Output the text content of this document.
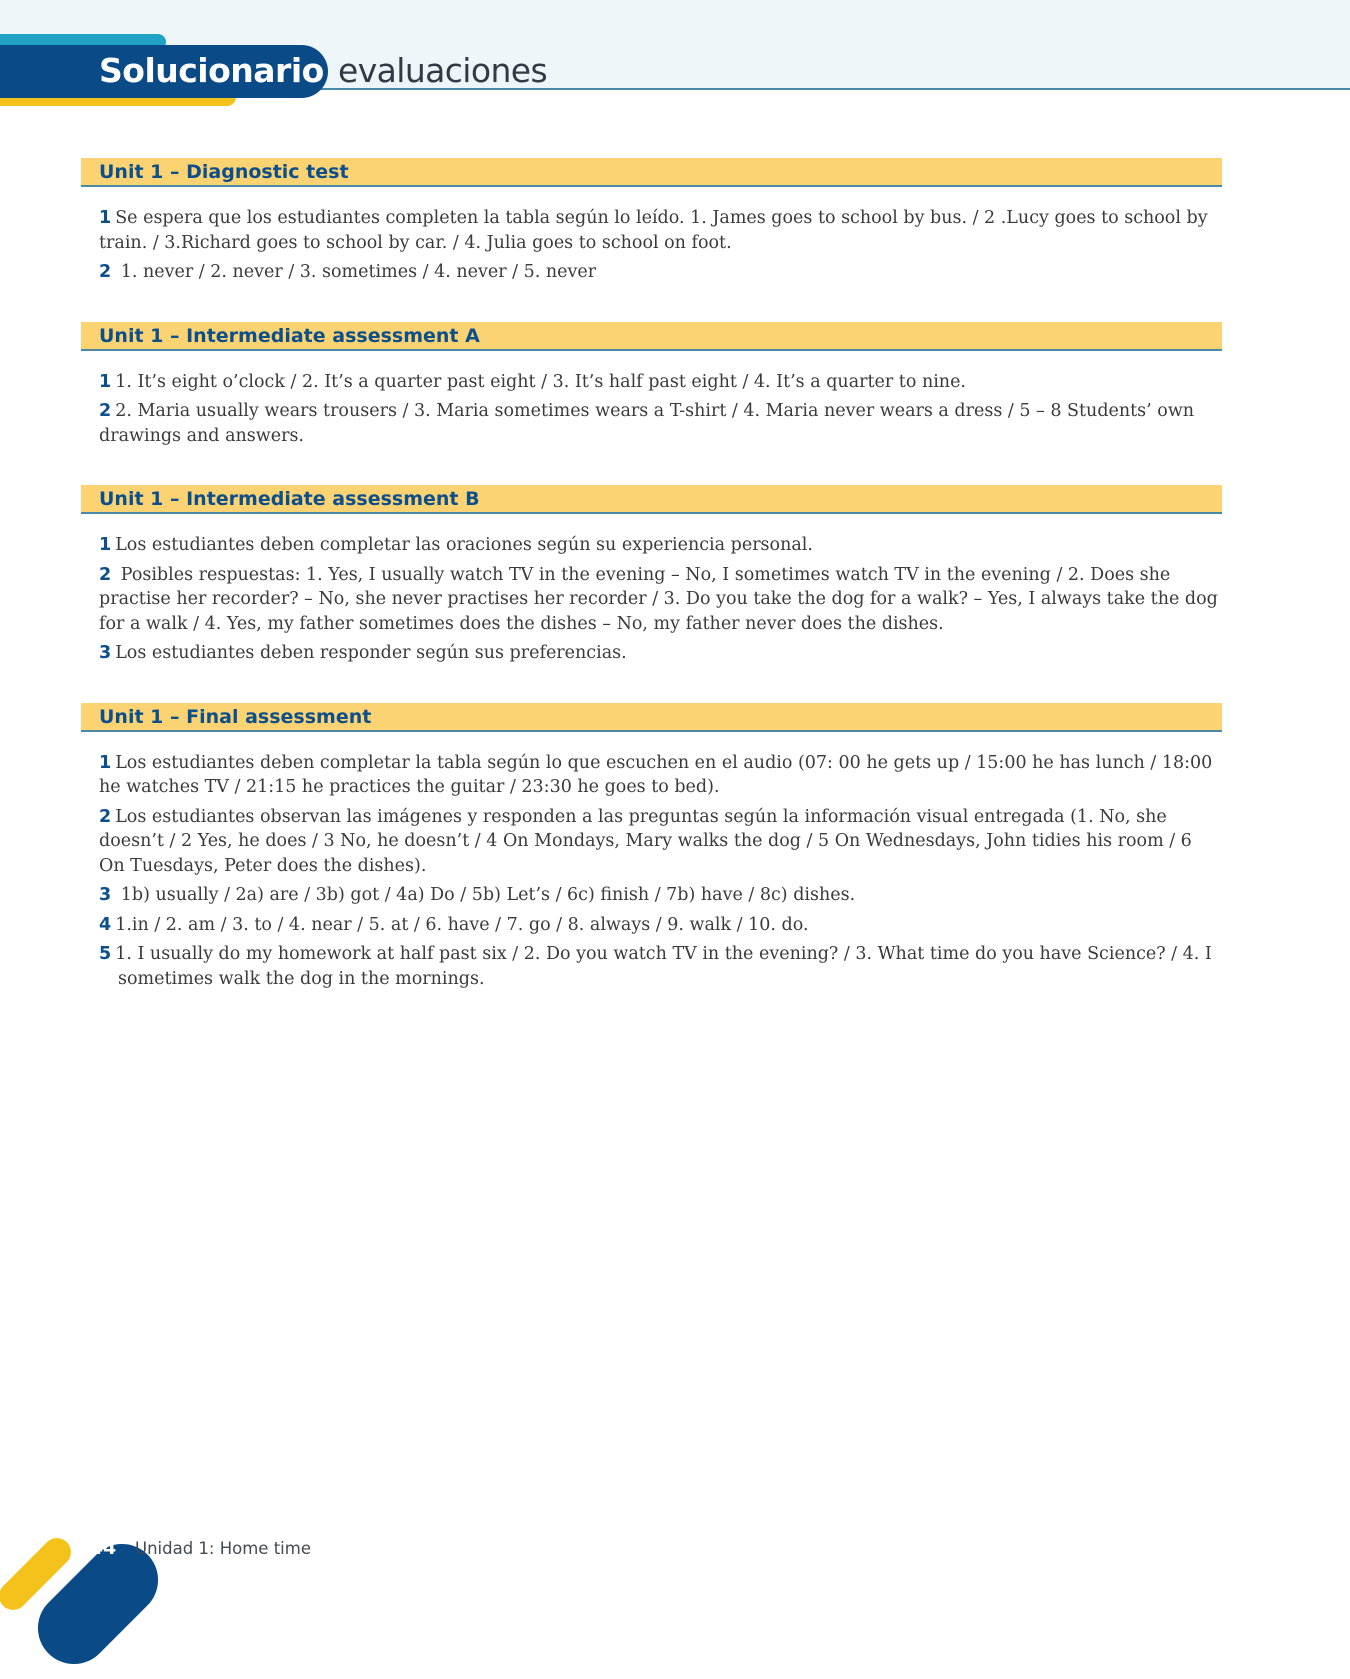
Solucionario evaluaciones
Unit 1 – Diagnostic test
1 Se espera que los estudiantes completen la tabla según lo leído. 1. James goes to school by bus. / 2 .Lucy goes to school by train. / 3.Richard goes to school by car. / 4. Julia goes to school on foot.
2 1. never / 2. never / 3. sometimes / 4. never / 5. never
Unit 1 – Intermediate assessment A
1 1. It’s eight o’clock / 2. It’s a quarter past eight / 3. It’s half past eight / 4. It’s a quarter to nine.
2 2. Maria usually wears trousers / 3. Maria sometimes wears a T-shirt / 4. Maria never wears a dress / 5 – 8 Students’ own drawings and answers.
Unit 1 – Intermediate assessment B
1 Los estudiantes deben completar las oraciones según su experiencia personal.
2 Posibles respuestas: 1. Yes, I usually watch TV in the evening – No, I sometimes watch TV in the evening / 2. Does she practise her recorder? – No, she never practises her recorder / 3. Do you take the dog for a walk? – Yes, I always take the dog for a walk / 4. Yes, my father sometimes does the dishes – No, my father never does the dishes.
3 Los estudiantes deben responder según sus preferencias.
Unit 1 – Final assessment
1 Los estudiantes deben completar la tabla según lo que escuchen en el audio (07: 00 he gets up / 15:00 he has lunch / 18:00 he watches TV / 21:15 he practices the guitar / 23:30 he goes to bed).
2 Los estudiantes observan las imágenes y responden a las preguntas según la información visual entregada (1. No, she doesn’t / 2 Yes, he does / 3 No, he doesn’t / 4 On Mondays, Mary walks the dog / 5 On Wednesdays, John tidies his room / 6 On Tuesdays, Peter does the dishes).
3 1b) usually / 2a) are / 3b) got / 4a) Do / 5b) Let’s / 6c) finish / 7b) have / 8c) dishes.
4 1.in / 2. am / 3. to / 4. near / 5. at / 6. have / 7. go / 8. always / 9. walk / 10. do.
5 1. I usually do my homework at half past six / 2. Do you watch TV in the evening? / 3. What time do you have Science? / 4. I sometimes walk the dog in the mornings.
44 Unidad 1: Home time
